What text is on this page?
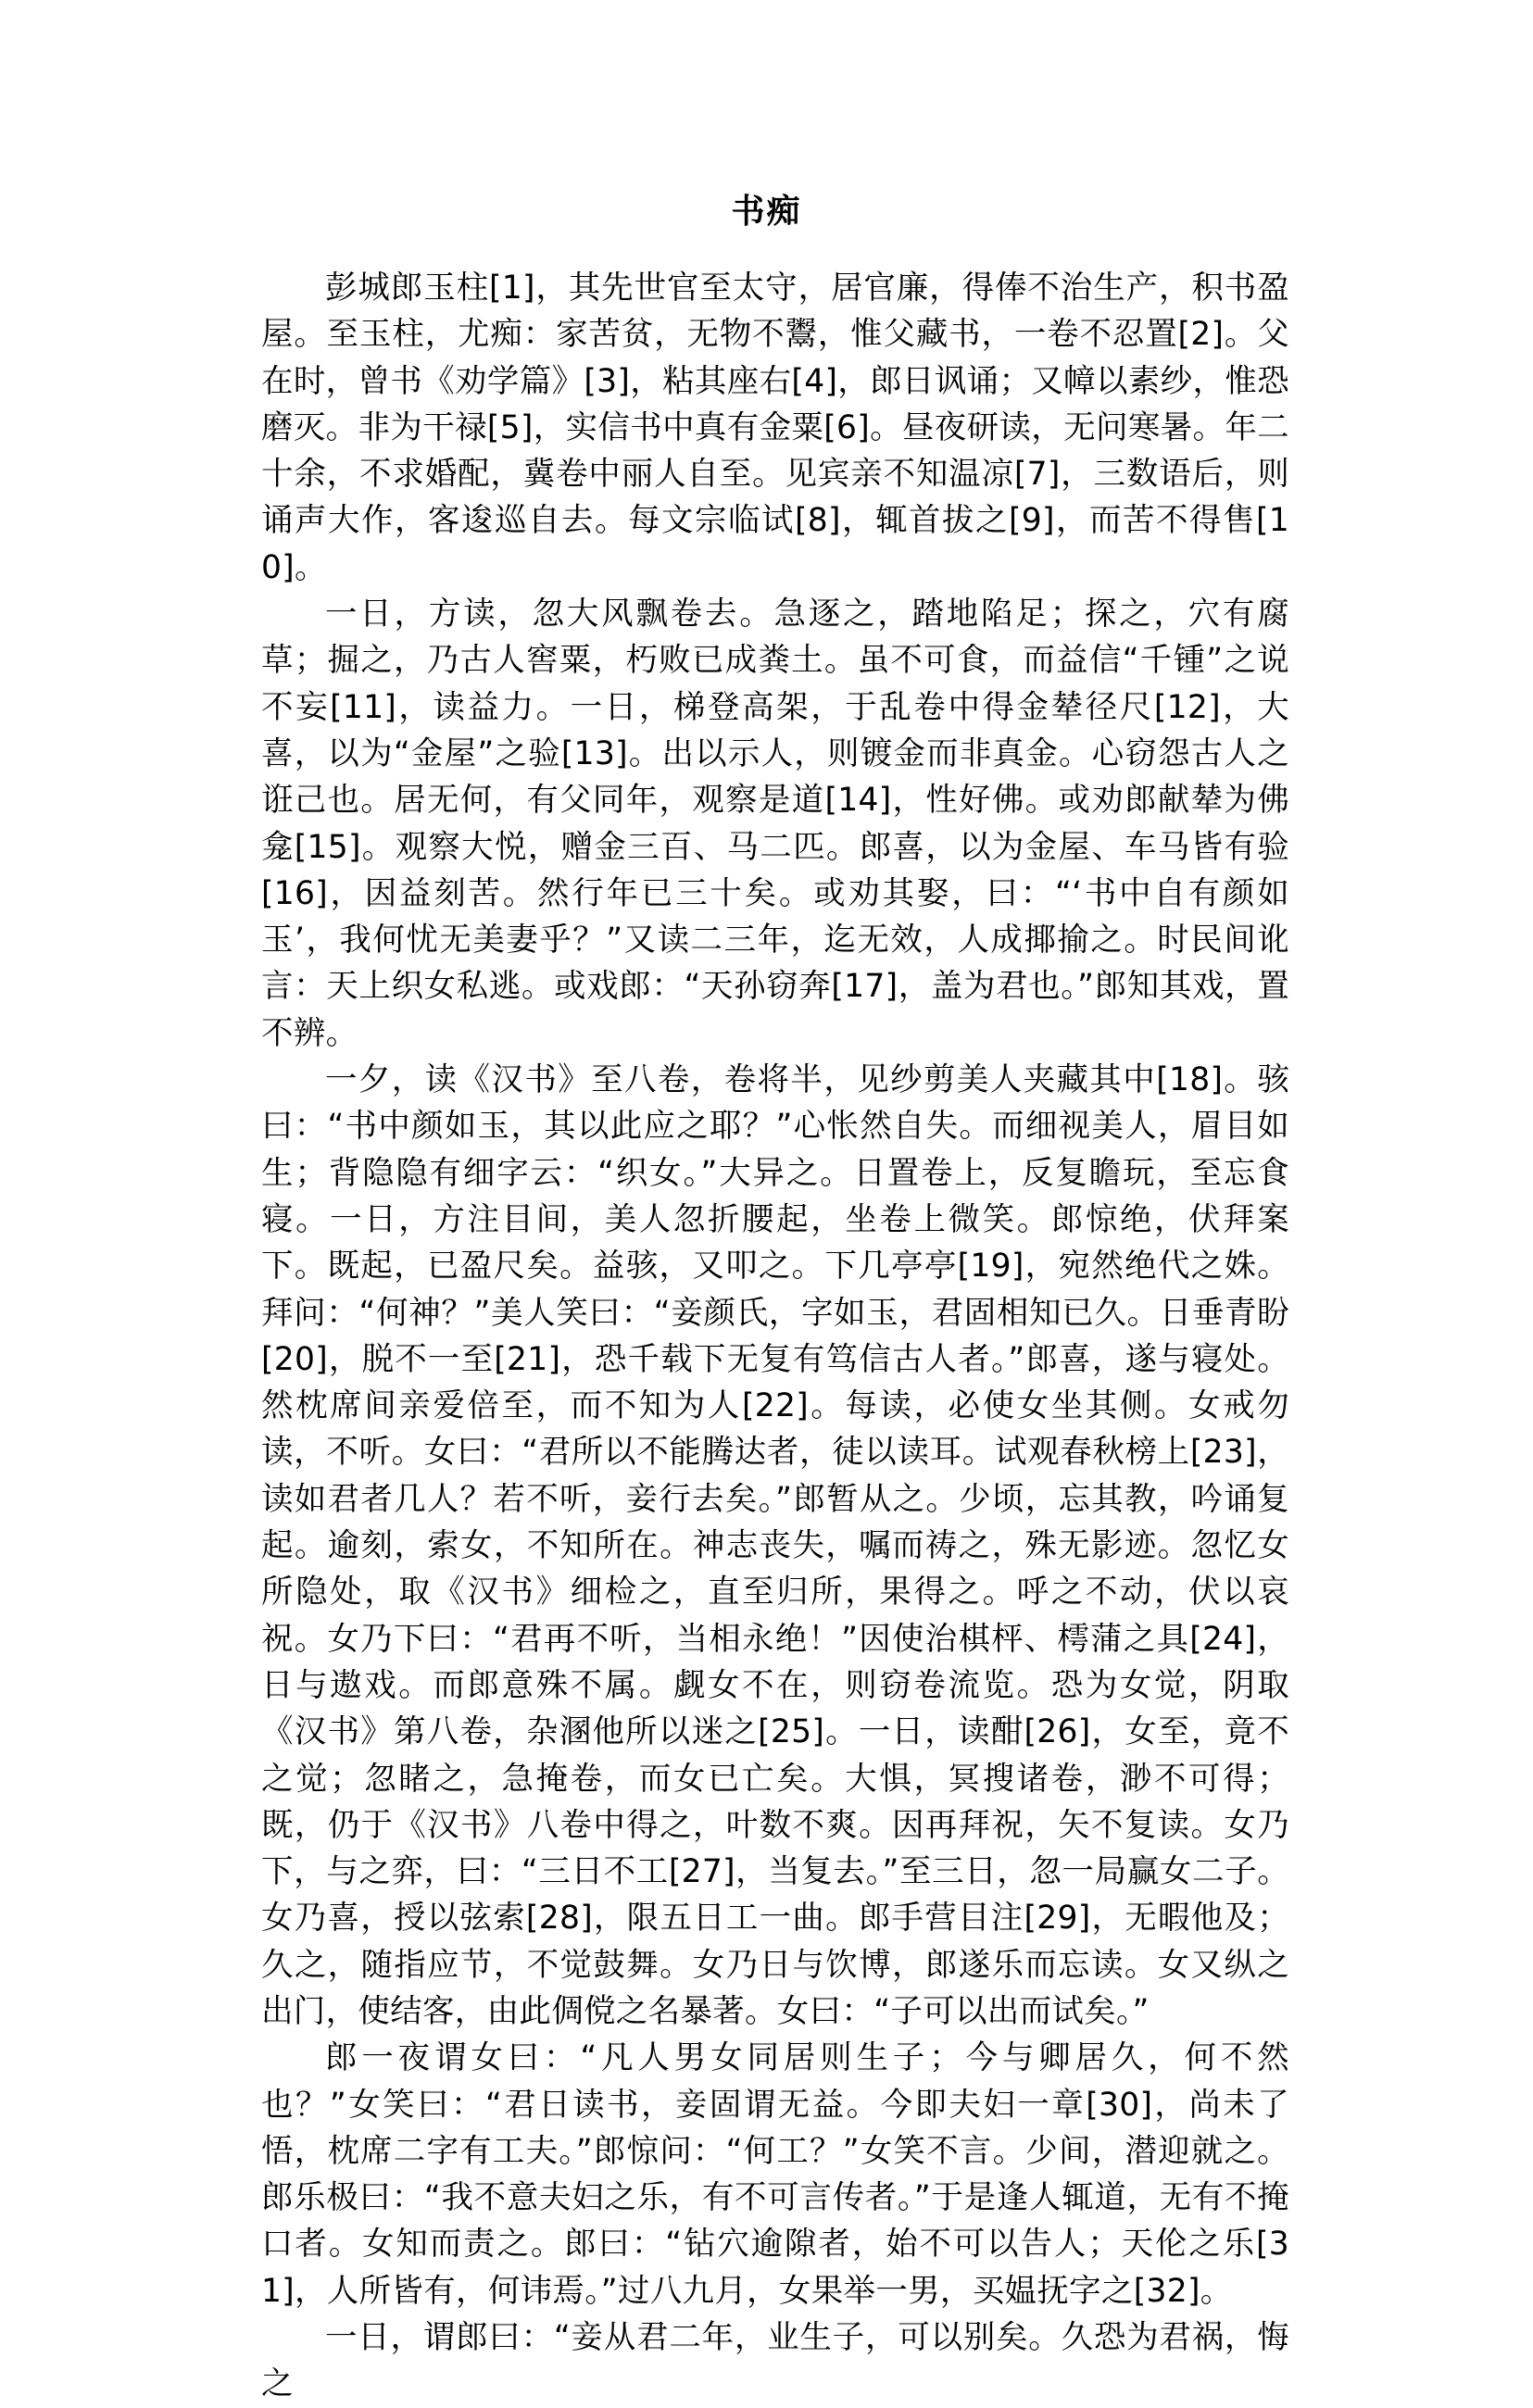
书痴

彭城郎玉柱[1]，其先世官至太守，居官廉，得俸不治生产，积书盈屋。至玉柱，尤痴：家苦贫，无物不鬻，惟父藏书，一卷不忍置[2]。父在时，曾书《劝学篇》[3]，粘其座右[4]，郎日讽诵；又幛以素纱，惟恐磨灭。非为干禄[5]，实信书中真有金粟[6]。昼夜研读，无问寒暑。年二十余，不求婚配，冀卷中丽人自至。见宾亲不知温凉[7]，三数语后，则诵声大作，客逡巡自去。每文宗临试[8]，辄首拔之[9]，而苦不得售[10]。

一日，方读，忽大风飘卷去。急逐之，踏地陷足；探之，穴有腐草；掘之，乃古人窖粟，朽败已成粪土。虽不可食，而益信“千锺”之说不妄[11]，读益力。一日，梯登高架，于乱卷中得金辇径尺[12]，大喜，以为“金屋”之验[13]。出以示人，则镀金而非真金。心窃怨古人之诳己也。居无何，有父同年，观察是道[14]，性好佛。或劝郎献辇为佛龛[15]。观察大悦，赠金三百、马二匹。郎喜，以为金屋、车马皆有验[16]，因益刻苦。然行年已三十矣。或劝其娶，曰：“‘书中自有颜如玉’，我何忧无美妻乎？”又读二三年，迄无效，人成揶揄之。时民间讹言：天上织女私逃。或戏郎：“天孙窃奔[17]，盖为君也。”郎知其戏，置不辨。

一夕，读《汉书》至八卷，卷将半，见纱剪美人夹藏其中[18]。骇曰：“书中颜如玉，其以此应之耶？”心怅然自失。而细视美人，眉目如生；背隐隐有细字云：“织女。”大异之。日置卷上，反复瞻玩，至忘食寝。一日，方注目间，美人忽折腰起，坐卷上微笑。郎惊绝，伏拜案下。既起，已盈尺矣。益骇，又叩之。下几亭亭[19]，宛然绝代之姝。拜问：“何神？”美人笑曰：“妾颜氏，字如玉，君固相知已久。日垂青盼[20]，脱不一至[21]，恐千载下无复有笃信古人者。”郎喜，遂与寝处。然枕席间亲爱倍至，而不知为人[22]。每读，必使女坐其侧。女戒勿读，不听。女曰：“君所以不能腾达者，徒以读耳。试观春秋榜上[23]，读如君者几人？若不听，妾行去矣。”郎暂从之。少顷，忘其教，吟诵复起。逾刻，索女，不知所在。神志丧失，嘱而祷之，殊无影迹。忽忆女所隐处，取《汉书》细检之，直至归所，果得之。呼之不动，伏以哀祝。女乃下曰：“君再不听，当相永绝！”因使治棋枰、樗蒲之具[24]，日与遨戏。而郎意殊不属。觑女不在，则窃卷流览。恐为女觉，阴取《汉书》第八卷，杂溷他所以迷之[25]。一日，读酣[26]，女至，竟不之觉；忽睹之，急掩卷，而女已亡矣。大惧，冥搜诸卷，渺不可得；既，仍于《汉书》八卷中得之，叶数不爽。因再拜祝，矢不复读。女乃下，与之弈，曰：“三日不工[27]，当复去。”至三日，忽一局赢女二子。女乃喜，授以弦索[28]，限五日工一曲。郎手营目注[29]，无暇他及；久之，随指应节，不觉鼓舞。女乃日与饮博，郎遂乐而忘读。女又纵之出门，使结客，由此倜傥之名暴著。女曰：“子可以出而试矣。”

郎一夜谓女曰：“凡人男女同居则生子；今与卿居久，何不然也？”女笑曰：“君日读书，妾固谓无益。今即夫妇一章[30]，尚未了悟，枕席二字有工夫。”郎惊问：“何工？”女笑不言。少间，潜迎就之。郎乐极曰：“我不意夫妇之乐，有不可言传者。”于是逢人辄道，无有不掩口者。女知而责之。郎曰：“钻穴逾隙者，始不可以告人；天伦之乐[31]，人所皆有，何讳焉。”过八九月，女果举一男，买媪抚字之[32]。

一日，谓郎曰：“妾从君二年，业生子，可以别矣。久恐为君祸，悔之
